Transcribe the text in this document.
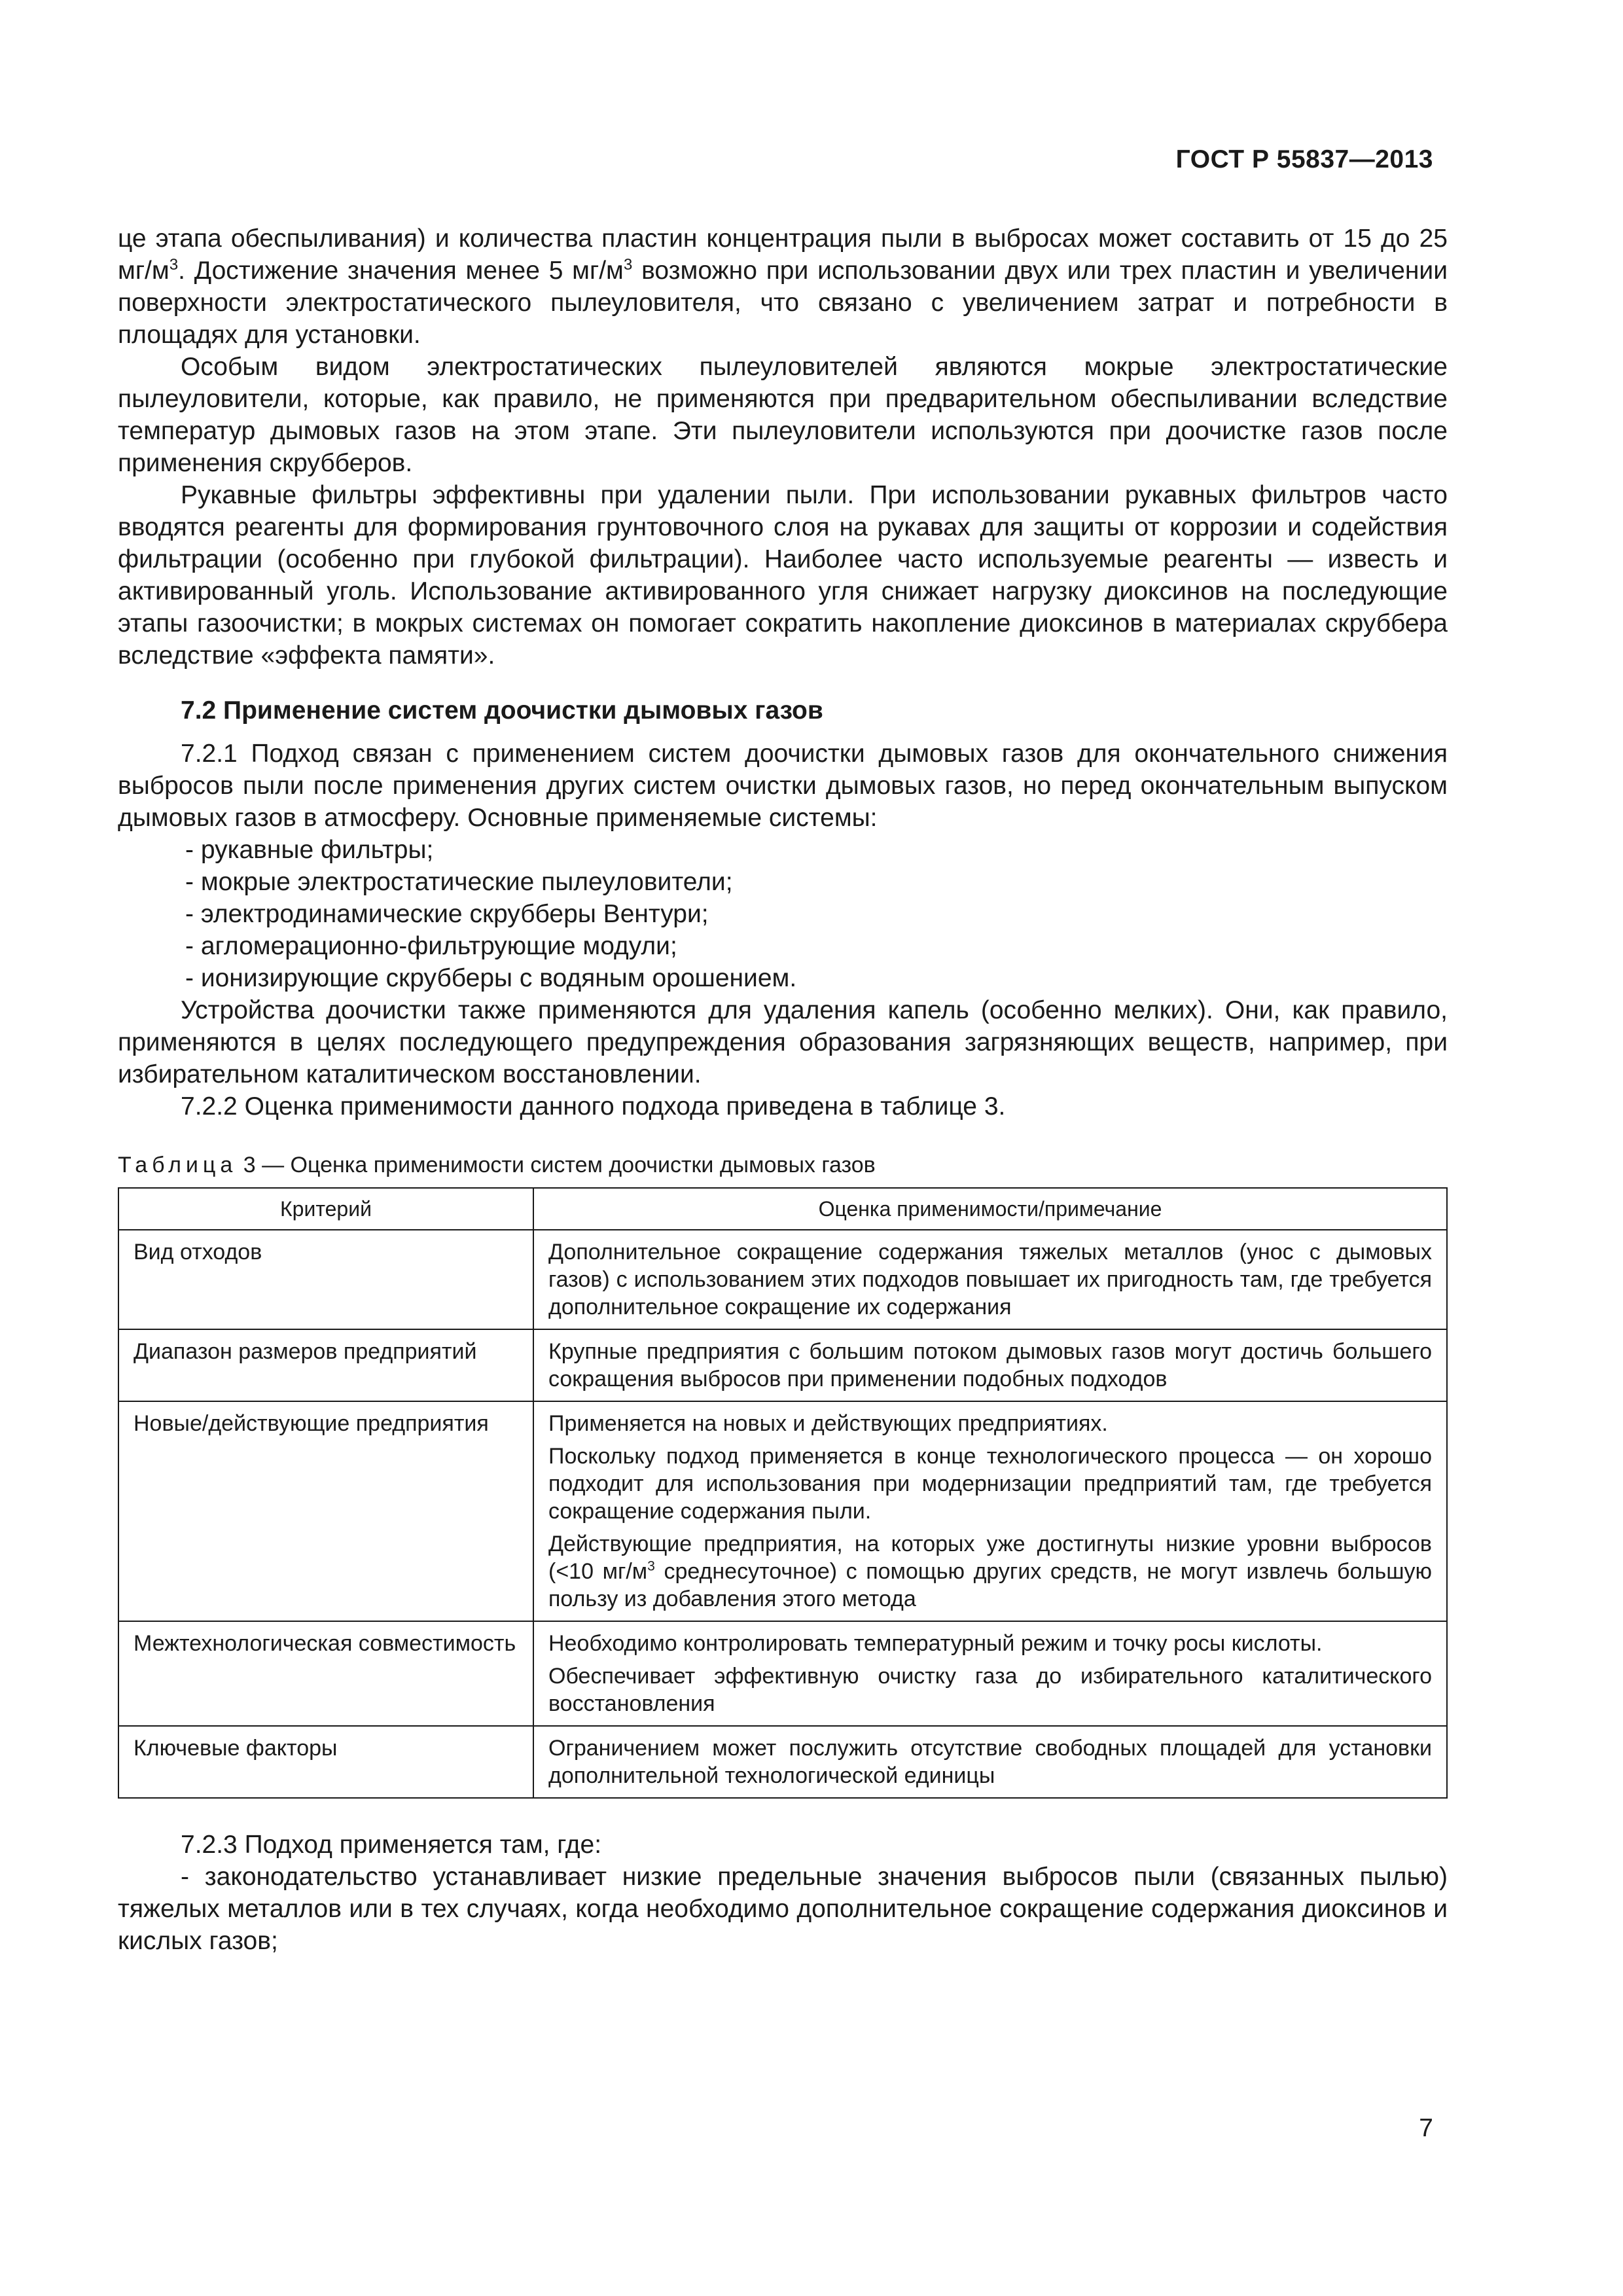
ГОСТ Р 55837—2013

це этапа обеспыливания) и количества пластин концентрация пыли в выбросах может составить от 15 до 25 $мг/м^3$. Достижение значения менее 5 $мг/м^3$ возможно при использовании двух или трех пластин и увеличении поверхности электростатического пылеуловителя, что связано с увеличением затрат и потребности в площадях для установки.

Особым видом электростатических пылеуловителей являются мокрые электростатические пылеуловители, которые, как правило, не применяются при предварительном обеспыливании вследствие температур дымовых газов на этом этапе. Эти пылеуловители используются при доочистке газов после применения скрубберов.

Рукавные фильтры эффективны при удалении пыли. При использовании рукавных фильтров часто вводятся реагенты для формирования грунтовочного слоя на рукавах для защиты от коррозии и содействия фильтрации (особенно при глубокой фильтрации). Наиболее часто используемые реагенты — известь и активированный уголь. Использование активированного угля снижает нагрузку диоксинов на последующие этапы газоочистки; в мокрых системах он помогает сократить накопление диоксинов в материалах скруббера вследствие «эффекта памяти».

7.2 Применение систем доочистки дымовых газов

7.2.1 Подход связан с применением систем доочистки дымовых газов для окончательного снижения выбросов пыли после применения других систем очистки дымовых газов, но перед окончательным выпуском дымовых газов в атмосферу. Основные применяемые системы:

- рукавные фильтры;
- мокрые электростатические пылеуловители;
- электродинамические скрубберы Вентури;
- агломерационно-фильтрующие модули;
- ионизирующие скрубберы с водяным орошением.

Устройства доочистки также применяются для удаления капель (особенно мелких). Они, как правило, применяются в целях последующего предупреждения образования загрязняющих веществ, например, при избирательном каталитическом восстановлении.

7.2.2 Оценка применимости данного подхода приведена в таблице 3.

Таблица 3 — Оценка применимости систем доочистки дымовых газов
Критерий	Оценка применимости/примечание
Вид отходов	Дополнительное сокращение содержания тяжелых металлов (унос с дымовых газов) с использованием этих подходов повышает их пригодность там, где требуется дополнительное сокращение их содержания

Диапазон размеров предприятий	Крупные предприятия с большим потоком дымовых газов могут достичь большего сокращения выбросов при применении подобных подходов

Новые/действующие предприятия	Применяется на новых и действующих предприятиях.
Поскольку подход применяется в конце технологического процесса — он хорошо подходит для использования при модернизации предприятий там, где требуется сокращение содержания пыли.
Действующие предприятия, на которых уже достигнуты низкие уровни выбросов (<10 $мг/м^3$ среднесуточное) с помощью других средств, не могут извлечь большую пользу из добавления этого метода

Межтехнологическая совместимость	Необходимо контролировать температурный режим и точку росы кислоты.
Обеспечивает эффективную очистку газа до избирательного каталитического восстановления

Ключевые факторы	Ограничением может послужить отсутствие свободных площадей для установки дополнительной технологической единицы

7.2.3 Подход применяется там, где:

- законодательство устанавливает низкие предельные значения выбросов пыли (связанных пылью) тяжелых металлов или в тех случаях, когда необходимо дополнительное сокращение содержания диоксинов и кислых газов;

7
